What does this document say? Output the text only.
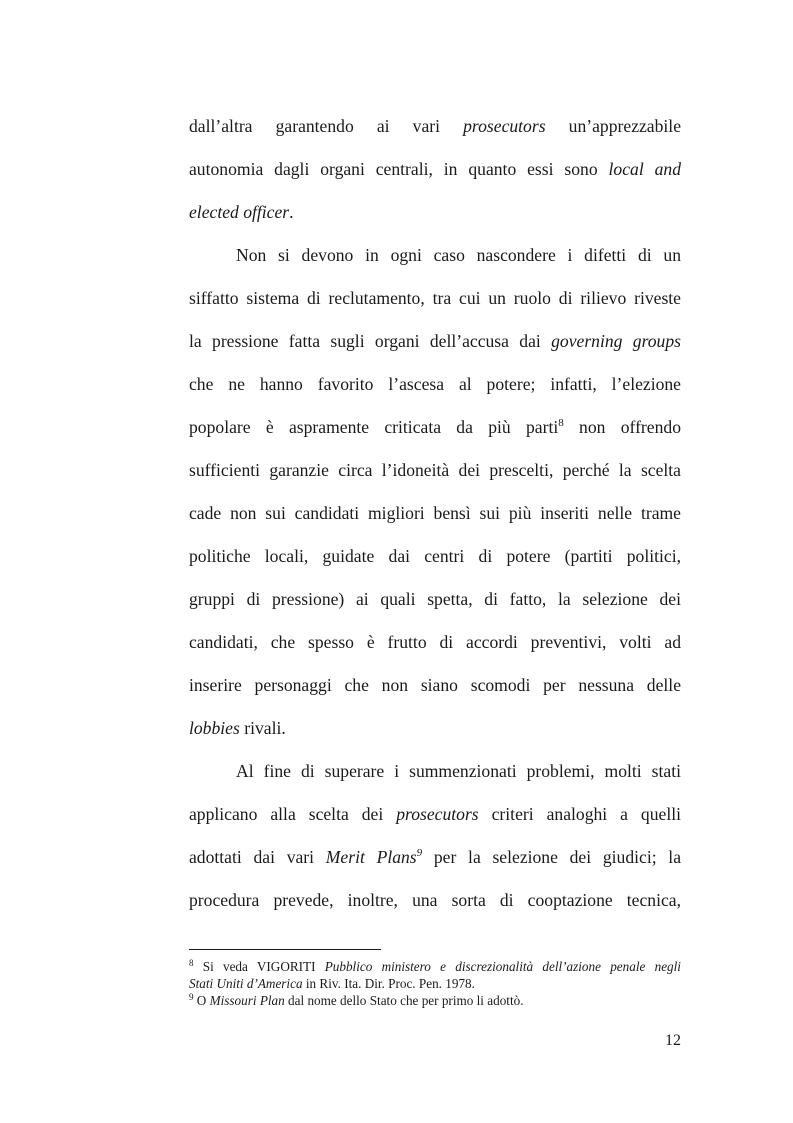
dall’altra garantendo ai vari prosecutors un’apprezzabile
autonomia dagli organi centrali, in quanto essi sono local and
elected officer.
Non si devono in ogni caso nascondere i difetti di un
siffatto sistema di reclutamento, tra cui un ruolo di rilievo riveste
la pressione fatta sugli organi dell’accusa dai governing groups
che ne hanno favorito l’ascesa al potere; infatti, l’elezione
popolare è aspramente criticata da più parti$^8$ non offrendo
sufficienti garanzie circa l’idoneità dei prescelti, perché la scelta
cade non sui candidati migliori bensì sui più inseriti nelle trame
politiche locali, guidate dai centri di potere (partiti politici,
gruppi di pressione) ai quali spetta, di fatto, la selezione dei
candidati, che spesso è frutto di accordi preventivi, volti ad
inserire personaggi che non siano scomodi per nessuna delle
lobbies rivali.
Al fine di superare i summenzionati problemi, molti stati
applicano alla scelta dei prosecutors criteri analoghi a quelli
adottati dai vari Merit Plans$^9$ per la selezione dei giudici; la
procedura prevede, inoltre, una sorta di cooptazione tecnica,
$^8$ Si veda VIGORITI Pubblico ministero e discrezionalità dell’azione penale negli
Stati Uniti d’America in Riv. Ita. Dir. Proc. Pen. 1978.
$^9$ O Missouri Plan dal nome dello Stato che per primo li adottò.
12
